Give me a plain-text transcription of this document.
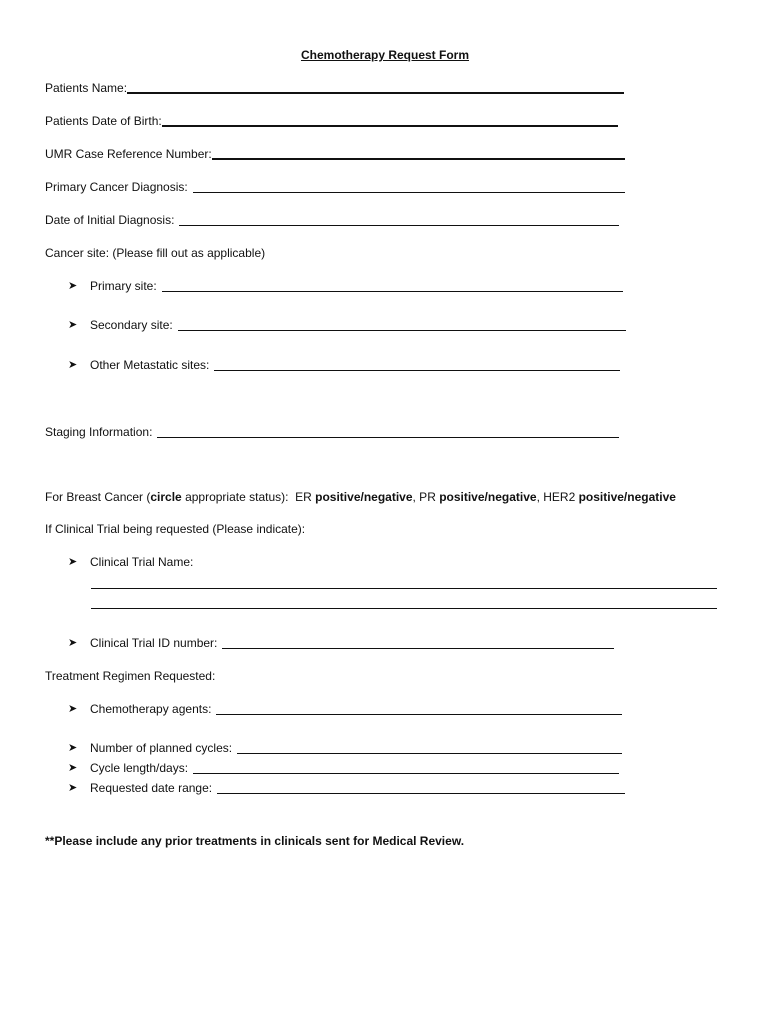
Chemotherapy Request Form
Patients Name:
Patients Date of Birth:
UMR Case Reference Number:
Primary Cancer Diagnosis:
Date of Initial Diagnosis:
Cancer site: (Please fill out as applicable)
➤	Primary site:
➤	Secondary site:
➤	Other Metastatic sites:
Staging Information:
For Breast Cancer ( circle appropriate status):  ER positive/negative , PR positive/negative , HER2 positive/negative
If Clinical Trial being requested (Please indicate):
➤	Clinical Trial Name:
➤	Clinical Trial ID number:
Treatment Regimen Requested:
➤	Chemotherapy agents:
➤	Number of planned cycles:
➤	Cycle length/days:
➤	Requested date range:
**Please include any prior treatments in clinicals sent for Medical Review.
